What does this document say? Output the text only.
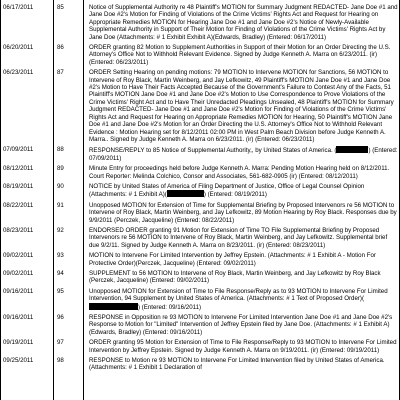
06/17/2011	85	Notice of Supplemental Authority re 48 Plaintiff's MOTION for Summary Judgment REDACTED- Jane Doe #1 and Jane Doe #2's Motion for Finding of Violations of the Crime Victims' Rights Act and Request for Hearing on Appropriate Remedies MOTION for Hearing Jane Doe #1 and Jane Doe #2's Notice of Newly-Available Supplemental Authority in Support of Their Motion for Finding of Violations of the Crime Victims' Rights Act by Jane Doe (Attachments: # 1 Exhibit Exhibit A)(Edwards, Bradley) (Entered: 06/17/2011)

06/20/2011	86	ORDER granting 82 Motion to Supplement Authorities in Support of their Motion for an Order Directing the U.S. Attorney's Office Not to Withhold Relevant Evidence. Signed by Judge Kenneth A. Marra on 6/23/2011. (ir) (Entered: 06/23/2011)

06/23/2011	87	ORDER Setting Hearing on pending motions: 79 MOTION to Intervene MOTION for Sanctions, 56 MOTION to Intervene of Roy Black, Martin Weinberg, and Jay Lefkowitz, 49 Plaintiff's MOTION Jane Doe #1 and Jane Doe #2's Motion to Have Their Facts Accepted Because of the Government's Failure to Contest Any of the Facts, 51 Plaintiff's MOTION Jane Doe #1 and Jane Doe #2's Motion to Use Correspondence to Prove Violations of the Crime Victims' Right Act and to Have Their Unredacted Pleadings Unsealed, 48 Plaintiff's MOTION for Summary Judgment REDACTED- Jane Doe #1 and Jane Doe #2's Motion for Finding of Violations of the Crime Victims' Rights Act and Request for Hearing on Appropriate Remedies MOTION for Hearing, 50 Plaintiff's MOTION Jane Doe #1 and Jane Doe #2's Motion for an Order Directing the U.S. Attorney's Office Not to Withhold Relevant Evidence : Motion Hearing set for 8/12/2011 02:00 PM in West Palm Beach Division before Judge Kenneth A. Marra.. Signed by Judge Kenneth A. Marra on 6/23/2011. (ir) (Entered: 06/23/2011)

07/09/2011	88	RESPONSE/REPLY to 85 Notice of Supplemental Authority,, by United States of America. ( ) (Entered: 07/09/2011)

08/12/2011	89	Minute Entry for proceedings held before Judge Kenneth A. Marra: Pending Motion Hearing held on 8/12/2011. Court Reporter: Melinda Colchico, Consor and Associates, 561-682-0905 (ir) (Entered: 08/12/2011)

08/19/2011	90	NOTICE by United States of America of Filing Department of Justice, Office of Legal Counsel Opinion (Attachments: # 1 Exhibit A)( ) (Entered: 08/19/2011)

08/22/2011	91	Unopposed MOTION for Extension of Time for Supplemental Briefing by Proposed Intervenors re 56 MOTION to Intervene of Roy Black, Martin Weinberg, and Jay Lefkowitz, 89 Motion Hearing by Roy Black. Responses due by 9/9/2011 (Perczek, Jacqueline) (Entered: 08/22/2011)

08/23/2011	92	ENDORSED ORDER granting 91 Motion for Extension of Time TO File Supplemental Briefing by Proposed Intervenors re 56 MOTION to Intervene of Roy Black, Martin Weinberg, and Jay Lefkowitz. Supplemental brief due 9/2/11. Signed by Judge Kenneth A. Marra on 8/23/2011. (ir) (Entered: 08/23/2011)

09/02/2011	93	MOTION to Intervene For Limited Intervention by Jeffrey Epstein. (Attachments: # 1 Exhibit A - Motion For Protective Order)(Perczek, Jacqueline) (Entered: 09/02/2011)

09/02/2011	94	SUPPLEMENT to 56 MOTION to Intervene of Roy Black, Martin Weinberg, and Jay Lefkowitz by Roy Black (Perczek, Jacqueline) (Entered: 09/02/2011)

09/16/2011	95	Unopposed MOTION for Extension of Time to File Response/Reply as to 93 MOTION to Intervene For Limited Intervention, 94 Supplement by United States of America. (Attachments: # 1 Text of Proposed Order)() (Entered: 09/16/2011)

09/16/2011	96	RESPONSE in Opposition re 93 MOTION to Intervene For Limited Intervention Jane Doe #1 and Jane Doe #2's Response to Motion for "Limited" Intervention of Jeffrey Epstein filed by Jane Doe. (Attachments: # 1 Exhibit A)(Edwards, Bradley) (Entered: 09/16/2011)

09/19/2011	97	ORDER granting 95 Motion for Extension of Time to File Response/Reply to 93 MOTION to Intervene For Limited Intervention by Jeffrey Epstein. Signed by Judge Kenneth A. Marra on 9/19/2011. (ir) (Entered: 09/19/2011)

09/25/2011	98	RESPONSE to Motion re 93 MOTION to Intervene For Limited Intervention filed by United States of America. (Attachments: # 1 Exhibit 1 Declaration of
